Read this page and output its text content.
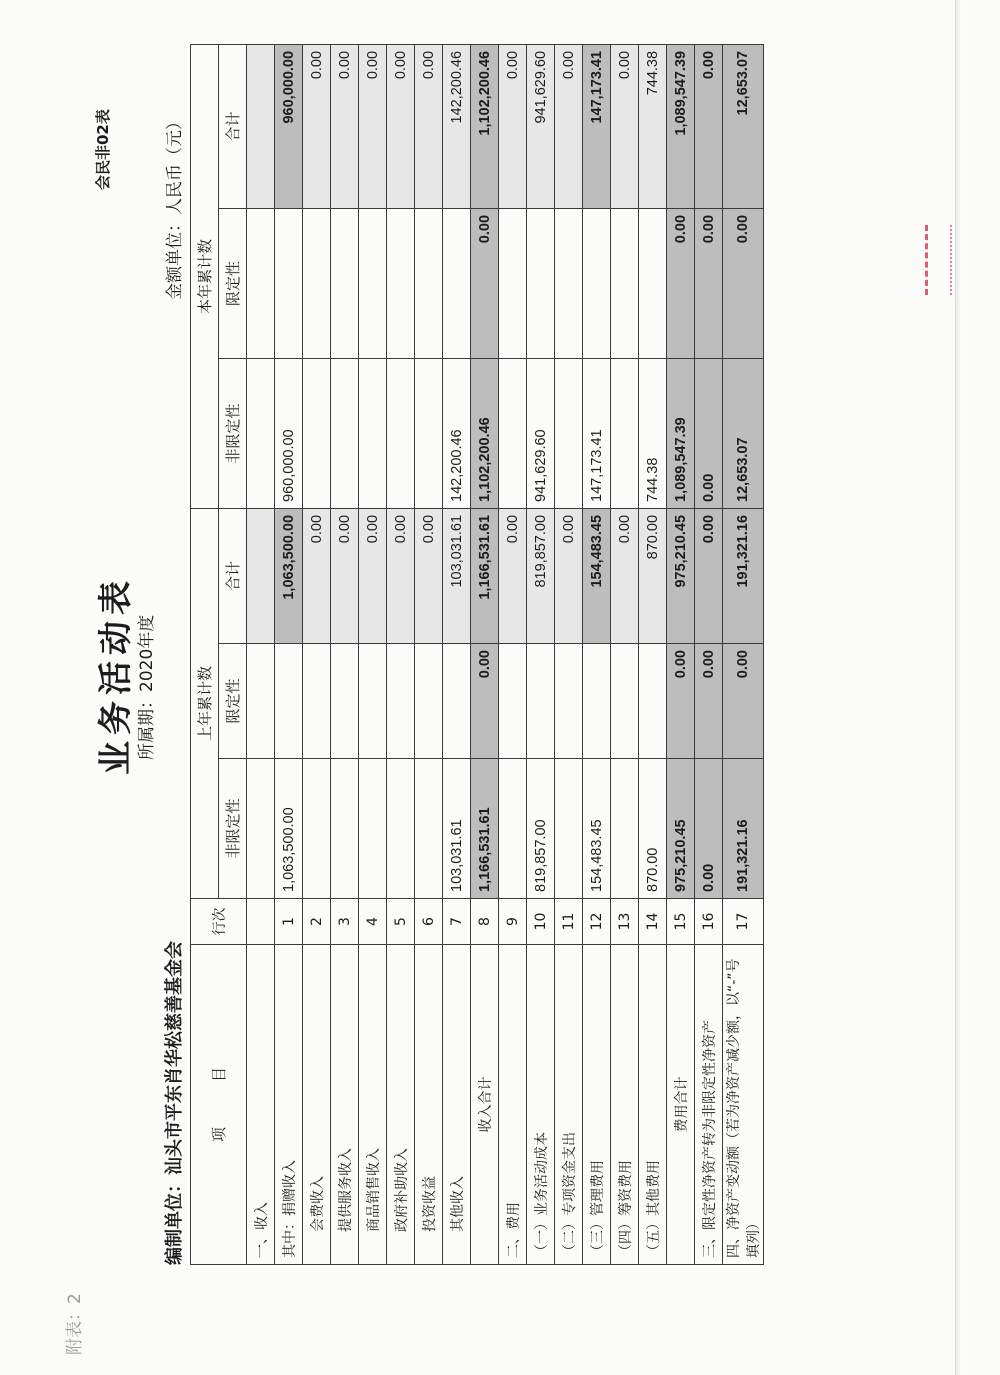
附表：2
业务活动表
会民非02表
编制单位：汕头市平东肖华松慈善基金会
所属期：2020年度
金额单位：人民币（元）
项　　　目	行次	上年累计数			本年累计数		
		非限定性	限定性	合计	非限定性	限定性	合计
一、收入							
其中：捐赠收入	1	1,063,500.00		1,063,500.00	960,000.00		960,000.00
会费收入	2			0.00			0.00
提供服务收入	3			0.00			0.00
商品销售收入	4			0.00			0.00
政府补助收入	5			0.00			0.00
投资收益	6			0.00			0.00
其他收入	7	103,031.61		103,031.61	142,200.46		142,200.46
收入合计	8	1,166,531.61	0.00	1,166,531.61	1,102,200.46	0.00	1,102,200.46
二、费用	9			0.00			0.00
（一）业务活动成本	10	819,857.00		819,857.00	941,629.60		941,629.60
（二）专项资金支出	11			0.00			0.00
（三）管理费用	12	154,483.45		154,483.45	147,173.41		147,173.41
（四）筹资费用	13			0.00			0.00
（五）其他费用	14	870.00		870.00	744.38		744.38
费用合计	15	975,210.45	0.00	975,210.45	1,089,547.39	0.00	1,089,547.39
三、限定性净资产转为非限定性净资产	16	0.00	0.00	0.00	0.00	0.00	0.00
四、净资产变动额（若为净资产减少额，以“-”号填列）	17	191,321.16	0.00	191,321.16	12,653.07	0.00	12,653.07
